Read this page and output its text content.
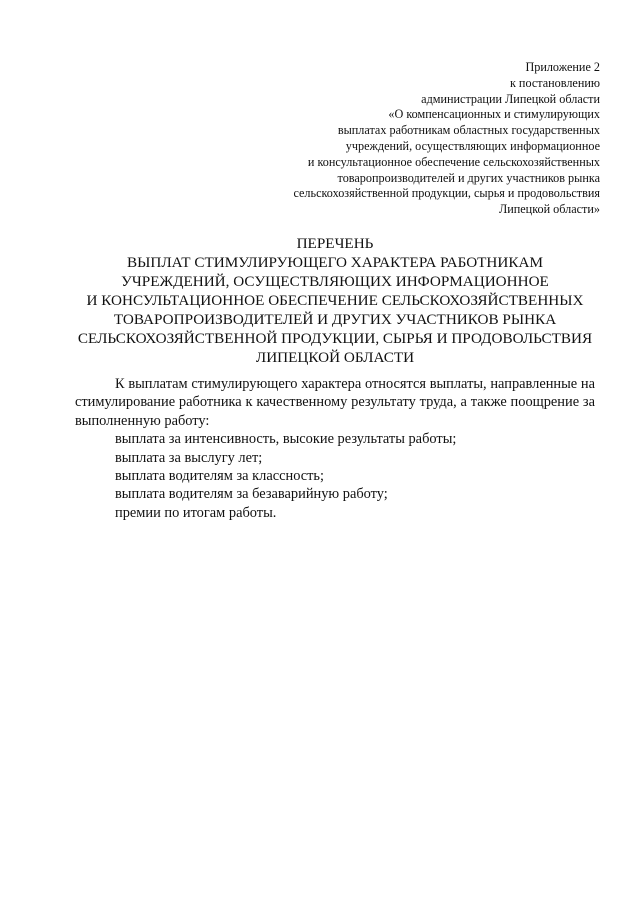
Приложение 2
к постановлению
администрации Липецкой области
«О компенсационных и стимулирующих
выплатах работникам областных государственных
учреждений, осуществляющих информационное
и консультационное обеспечение сельскохозяйственных
товаропроизводителей и других участников рынка
сельскохозяйственной продукции, сырья и продовольствия
Липецкой области»
ПЕРЕЧЕНЬ
ВЫПЛАТ СТИМУЛИРУЮЩЕГО ХАРАКТЕРА РАБОТНИКАМ
УЧРЕЖДЕНИЙ, ОСУЩЕСТВЛЯЮЩИХ ИНФОРМАЦИОННОЕ
И КОНСУЛЬТАЦИОННОЕ ОБЕСПЕЧЕНИЕ СЕЛЬСКОХОЗЯЙСТВЕННЫХ
ТОВАРОПРОИЗВОДИТЕЛЕЙ И ДРУГИХ УЧАСТНИКОВ РЫНКА
СЕЛЬСКОХОЗЯЙСТВЕННОЙ ПРОДУКЦИИ, СЫРЬЯ И ПРОДОВОЛЬСТВИЯ
ЛИПЕЦКОЙ ОБЛАСТИ
К выплатам стимулирующего характера относятся выплаты, направленные на стимулирование работника к качественному результату труда, а также поощрение за выполненную работу:
выплата за интенсивность, высокие результаты работы;
выплата за выслугу лет;
выплата водителям за классность;
выплата водителям за безаварийную работу;
премии по итогам работы.
